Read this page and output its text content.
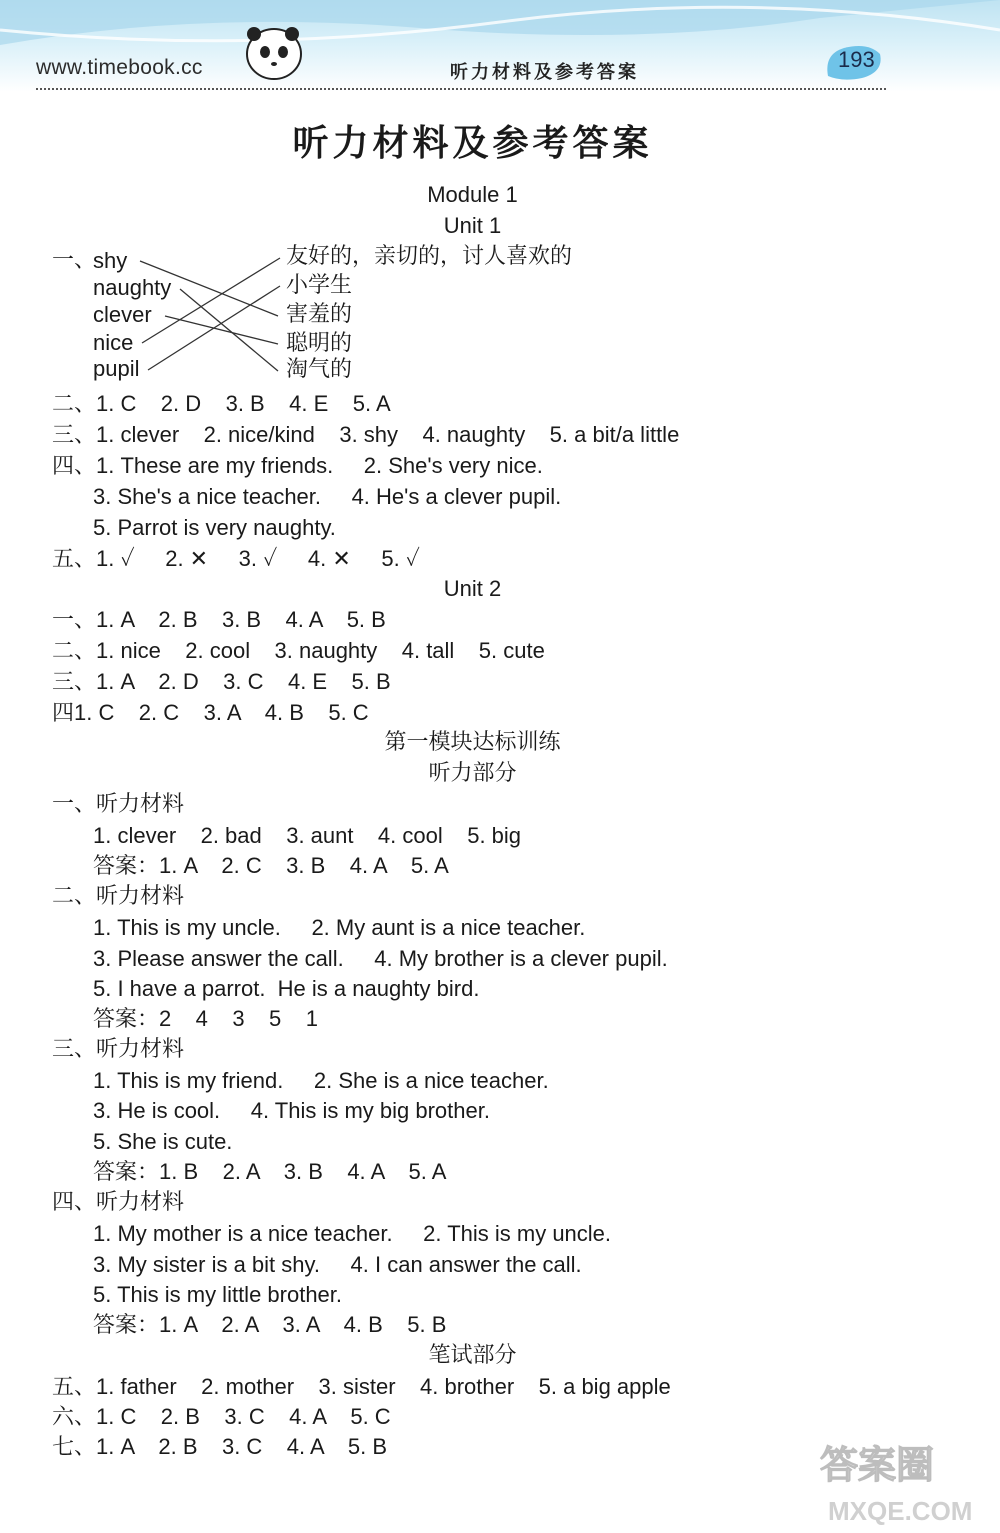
www.timebook.cc	听力材料及参考答案
193
听力材料及参考答案
Module 1
Unit 1
一、
shy
naughty
clever
nice
pupil
友好的，亲切的，讨人喜欢的
小学生
害羞的
聪明的
淘气的
二、1. C    2. D    3. B    4. E    5. A
三、1. clever    2. nice/kind    3. shy    4. naughty    5. a bit/a little
四、1. These are my friends.     2. She's very nice.
3. She's a nice teacher.     4. He's a clever pupil.
5. Parrot is very naughty.
五、1. ✓     2. ✕     3. ✓     4. ✕     5. ✓
Unit 2
一、1. A    2. B    3. B    4. A    5. B
二、1. nice    2. cool    3. naughty    4. tall    5. cute
三、1. A    2. D    3. C    4. E    5. B
四1. C    2. C    3. A    4. B    5. C
第一模块达标训练
听力部分
一、听力材料
1. clever    2. bad    3. aunt    4. cool    5. big
答案：1. A    2. C    3. B    4. A    5. A
二、听力材料
1. This is my uncle.     2. My aunt is a nice teacher.
3. Please answer the call.     4. My brother is a clever pupil.
5. I have a parrot.  He is a naughty bird.
答案：2    4    3    5    1
三、听力材料
1. This is my friend.     2. She is a nice teacher.
3. He is cool.     4. This is my big brother.
5. She is cute.
答案：1. B    2. A    3. B    4. A    5. A
四、听力材料
1. My mother is a nice teacher.     2. This is my uncle.
3. My sister is a bit shy.     4. I can answer the call.
5. This is my little brother.
答案：1. A    2. A    3. A    4. B    5. B
笔试部分
五、1. father    2. mother    3. sister    4. brother    5. a big apple
六、1. C    2. B    3. C    4. A    5. C
七、1. A    2. B    3. C    4. A    5. B	答案圈
MXQE.COM
